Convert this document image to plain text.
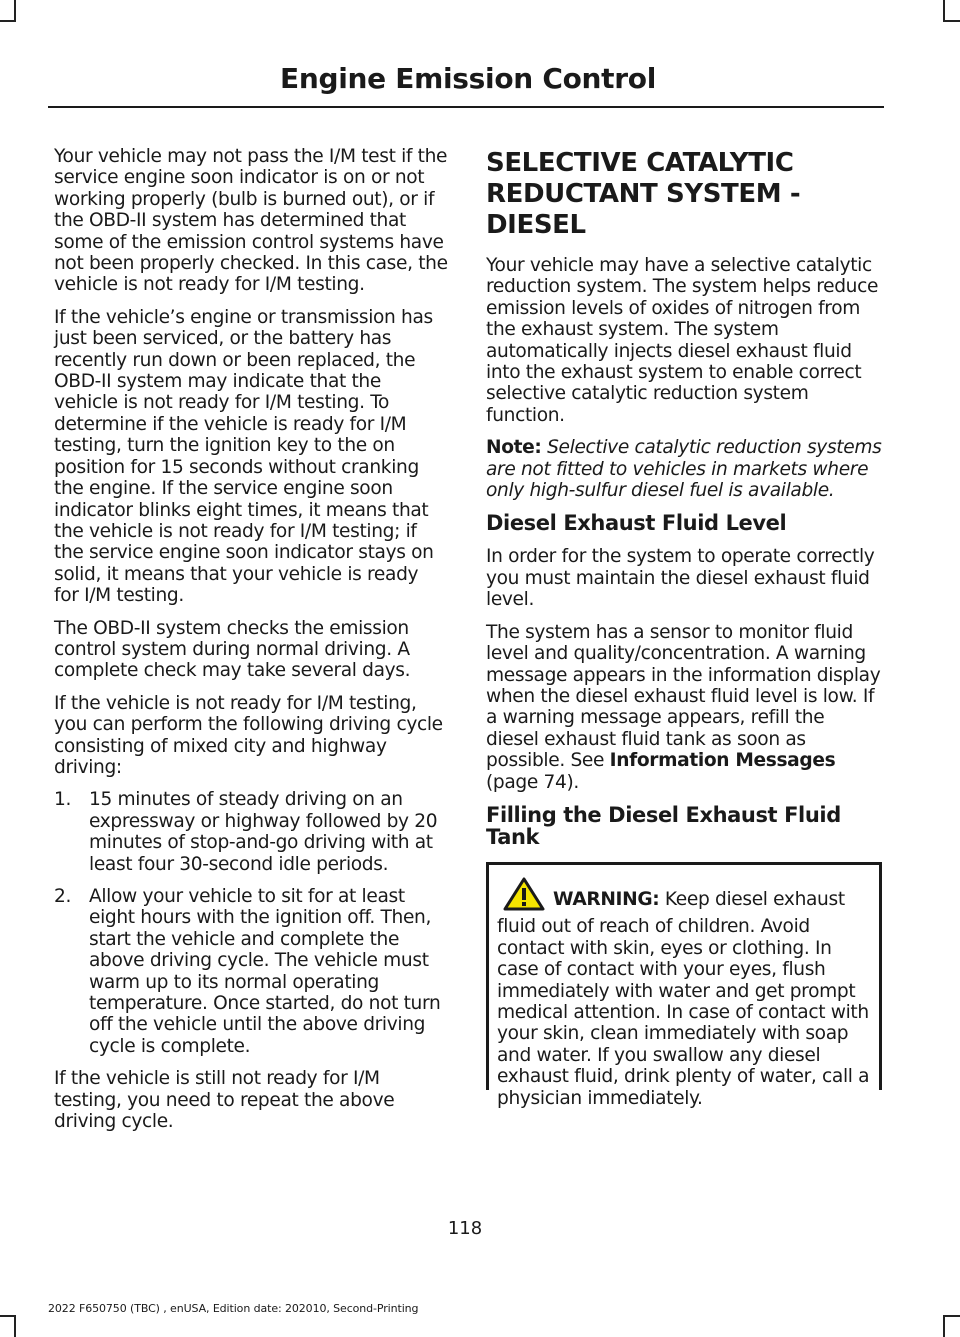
Engine Emission Control

Your vehicle may not pass the I/M test if the service engine soon indicator is on or not working properly (bulb is burned out), or if the OBD-II system has determined that some of the emission control systems have not been properly checked. In this case, the vehicle is not ready for I/M testing.

If the vehicle’s engine or transmission has just been serviced, or the battery has recently run down or been replaced, the OBD-II system may indicate that the vehicle is not ready for I/M testing. To determine if the vehicle is ready for I/M testing, turn the ignition key to the on position for 15 seconds without cranking the engine. If the service engine soon indicator blinks eight times, it means that the vehicle is not ready for I/M testing; if the service engine soon indicator stays on solid, it means that your vehicle is ready for I/M testing.

The OBD-II system checks the emission control system during normal driving. A complete check may take several days.

If the vehicle is not ready for I/M testing, you can perform the following driving cycle consisting of mixed city and highway driving:

1. 15 minutes of steady driving on an expressway or highway followed by 20 minutes of stop-and-go driving with at least four 30-second idle periods.
2. Allow your vehicle to sit for at least eight hours with the ignition off. Then, start the vehicle and complete the above driving cycle. The vehicle must warm up to its normal operating temperature. Once started, do not turn off the vehicle until the above driving cycle is complete.

If the vehicle is still not ready for I/M testing, you need to repeat the above driving cycle.

SELECTIVE CATALYTIC
REDUCTANT SYSTEM - DIESEL

Your vehicle may have a selective catalytic reduction system. The system helps reduce emission levels of oxides of nitrogen from the exhaust system. The system automatically injects diesel exhaust fluid into the exhaust system to enable correct selective catalytic reduction system function.

Note: Selective catalytic reduction systems are not fitted to vehicles in markets where only high-sulfur diesel fuel is available.

Diesel Exhaust Fluid Level

In order for the system to operate correctly you must maintain the diesel exhaust fluid level.

The system has a sensor to monitor fluid level and quality/concentration. A warning message appears in the information display when the diesel exhaust fluid level is low. If a warning message appears, refill the diesel exhaust fluid tank as soon as possible. See Information Messages (page 74).

Filling the Diesel Exhaust Fluid Tank

WARNING: Keep diesel exhaust fluid out of reach of children. Avoid contact with skin, eyes or clothing. In case of contact with your eyes, flush immediately with water and get prompt medical attention. In case of contact with your skin, clean immediately with soap and water. If you swallow any diesel exhaust fluid, drink plenty of water, call a physician immediately.

118
2022 F650750 (TBC) , enUSA, Edition date: 202010, Second-Printing
